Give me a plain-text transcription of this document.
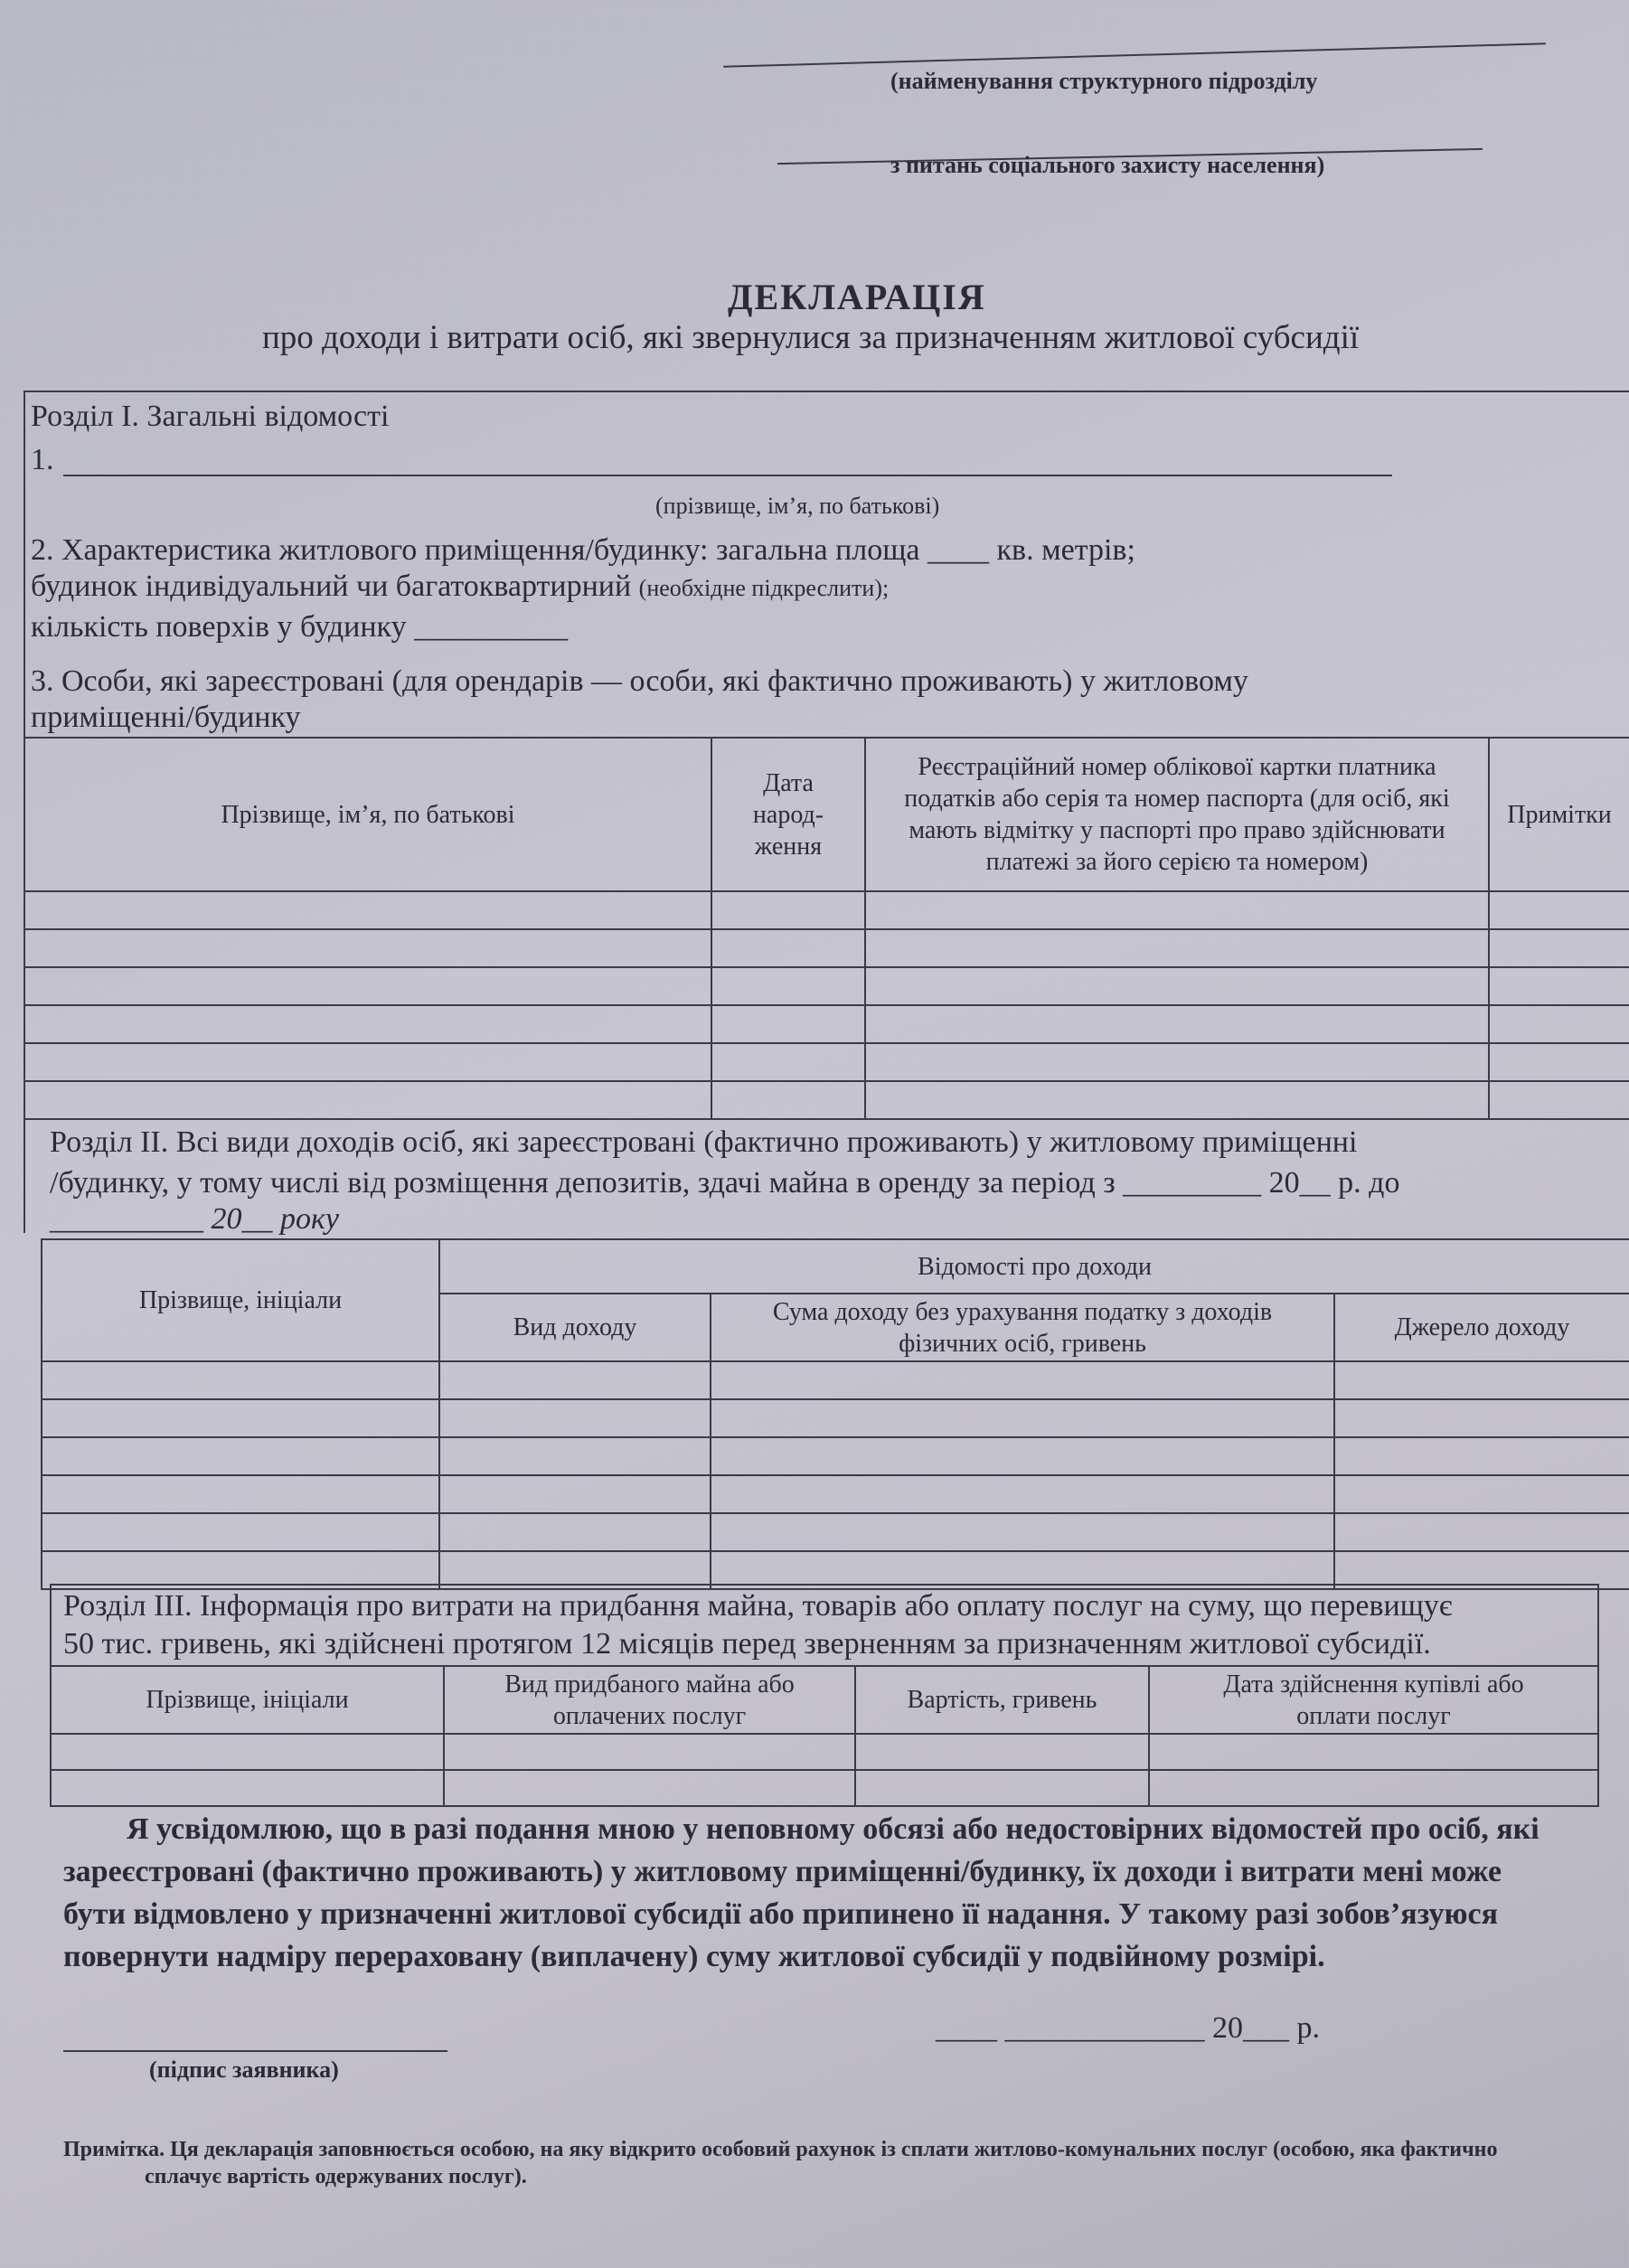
(найменування структурного підрозділу
з питань соціального захисту населення)
ДЕКЛАРАЦІЯ
про доходи і витрати осіб, які звернулися за призначенням житлової субсидії
Розділ I. Загальні відомості
1.
(прізвище, ім’я, по батькові)
2. Характеристика житлового приміщення/будинку: загальна площа ____ кв. метрів;
будинок індивідуальний чи багатоквартирний (необхідне підкреслити);
кількість поверхів у будинку __________
3. Особи, які зареєстровані (для орендарів — особи, які фактично проживають) у житловому
приміщенні/будинку
Прізвище, ім’я, по батькові	Дата народ-ження	Реєстраційний номер облікової картки платника податків або серія та номер паспорта (для осіб, які мають відмітку у паспорті про право здійснювати платежі за його серією та номером)	Примітки

Розділ II. Всі види доходів осіб, які зареєстровані (фактично проживають) у житловому приміщенні
/будинку, у тому числі від розміщення депозитів, здачі майна в оренду за період з _________ 20__ р. до
__________ 20__ року
Прізвище, ініціали	Відомості про доходи		
	Вид доходу	Сума доходу без урахування податку з доходів фізичних осіб, гривень	Джерело доходу

Розділ III. Інформація про витрати на придбання майна, товарів або оплату послуг на суму, що перевищує
50 тис. гривень, які здійснені протягом 12 місяців перед зверненням за призначенням житлової субсидії.
Прізвище, ініціали	Вид придбаного майна або оплачених послуг	Вартість, гривень	Дата здійснення купівлі або оплати послуг

Я усвідомлюю, що в разі подання мною у неповному обсязі або недостовірних відомостей про осіб, які
зареєстровані (фактично проживають) у житловому приміщенні/будинку, їх доходи і витрати мені може
бути відмовлено у призначенні житлової субсидії або припинено її надання. У такому разі зобов’язуюся
повернути надміру перераховану (виплачену) суму житлової субсидії у подвійному розмірі.
(підпис заявника)
____ _____________ 20___ р.
Примітка. Ця декларація заповнюється особою, на яку відкрито особовий рахунок із сплати житлово-комунальних послуг (особою, яка фактично
сплачує вартість одержуваних послуг).
